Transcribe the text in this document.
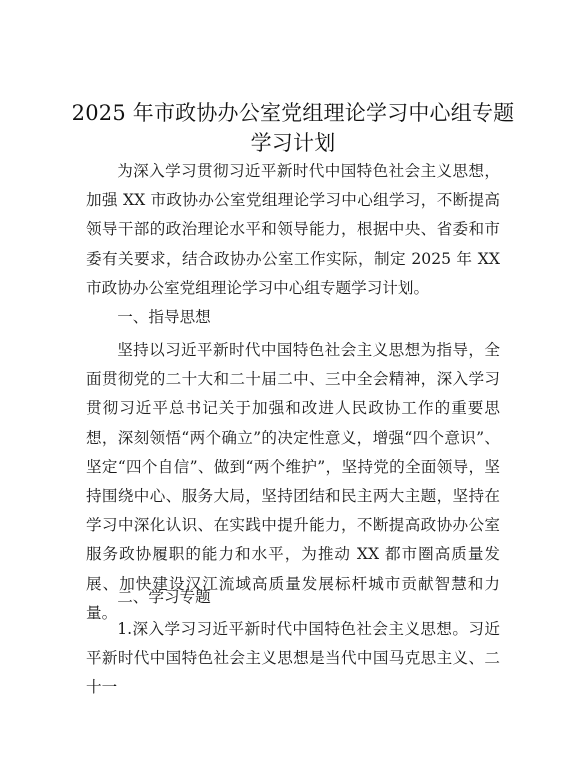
2025 年市政协办公室党组理论学习中心组专题学习计划
为深入学习贯彻习近平新时代中国特色社会主义思想，加强 XX 市政协办公室党组理论学习中心组学习，不断提高领导干部的政治理论水平和领导能力，根据中央、省委和市委有关要求，结合政协办公室工作实际，制定 2025 年 XX 市政协办公室党组理论学习中心组专题学习计划。
一、指导思想
坚持以习近平新时代中国特色社会主义思想为指导，全面贯彻党的二十大和二十届二中、三中全会精神，深入学习贯彻习近平总书记关于加强和改进人民政协工作的重要思想，深刻领悟“两个确立”的决定性意义，增强“四个意识”、坚定“四个自信”、做到“两个维护”，坚持党的全面领导，坚持围绕中心、服务大局，坚持团结和民主两大主题，坚持在学习中深化认识、在实践中提升能力，不断提高政协办公室服务政协履职的能力和水平，为推动 XX 都市圈高质量发展、加快建设汉江流域高质量发展标杆城市贡献智慧和力量。
二、学习专题
1.深入学习习近平新时代中国特色社会主义思想。习近平新时代中国特色社会主义思想是当代中国马克思主义、二十一
